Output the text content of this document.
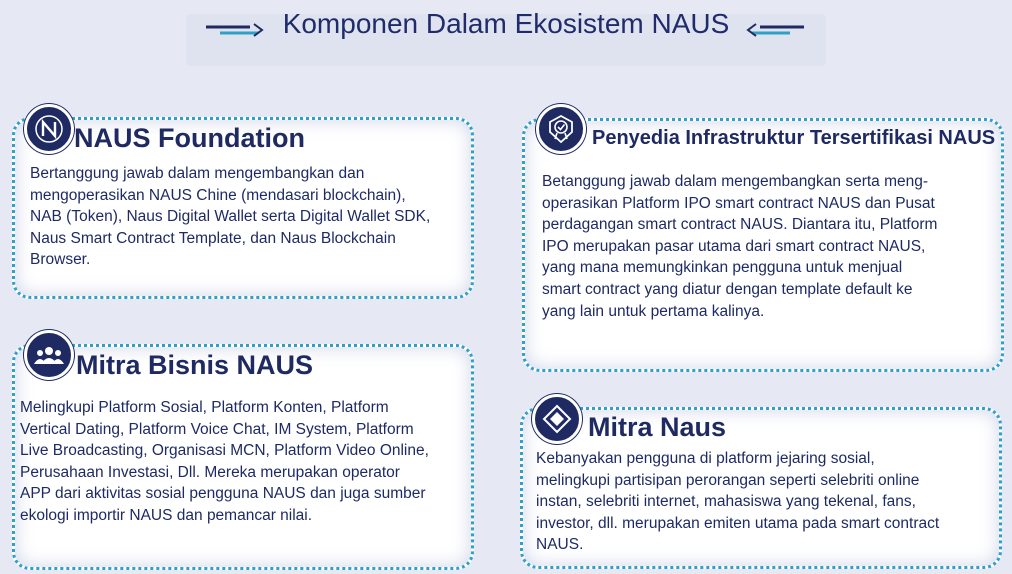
Komponen Dalam Ekosistem NAUS
NAUS Foundation
Bertanggung jawab dalam mengembangkan dan
mengoperasikan NAUS Chine (mendasari blockchain),
NAB (Token), Naus Digital Wallet serta Digital Wallet SDK,
Naus Smart Contract Template, dan Naus Blockchain
Browser.
Mitra Bisnis NAUS
Melingkupi Platform Sosial, Platform Konten, Platform
Vertical Dating, Platform Voice Chat, IM System, Platform
Live Broadcasting, Organisasi MCN, Platform Video Online,
Perusahaan Investasi, Dll. Mereka merupakan operator
APP dari aktivitas sosial pengguna NAUS dan juga sumber
ekologi importir NAUS dan pemancar nilai.
Penyedia Infrastruktur Tersertifikasi NAUS
Betanggung jawab dalam mengembangkan serta meng-
operasikan Platform IPO smart contract NAUS dan Pusat
perdagangan smart contract NAUS. Diantara itu, Platform
IPO merupakan pasar utama dari smart contract NAUS,
yang mana memungkinkan pengguna untuk menjual
smart contract yang diatur dengan template default ke
yang lain untuk pertama kalinya.
Mitra Naus
Kebanyakan pengguna di platform jejaring sosial,
melingkupi partisipan perorangan seperti selebriti online
instan, selebriti internet, mahasiswa yang tekenal, fans,
investor, dll. merupakan emiten utama pada smart contract
NAUS.
